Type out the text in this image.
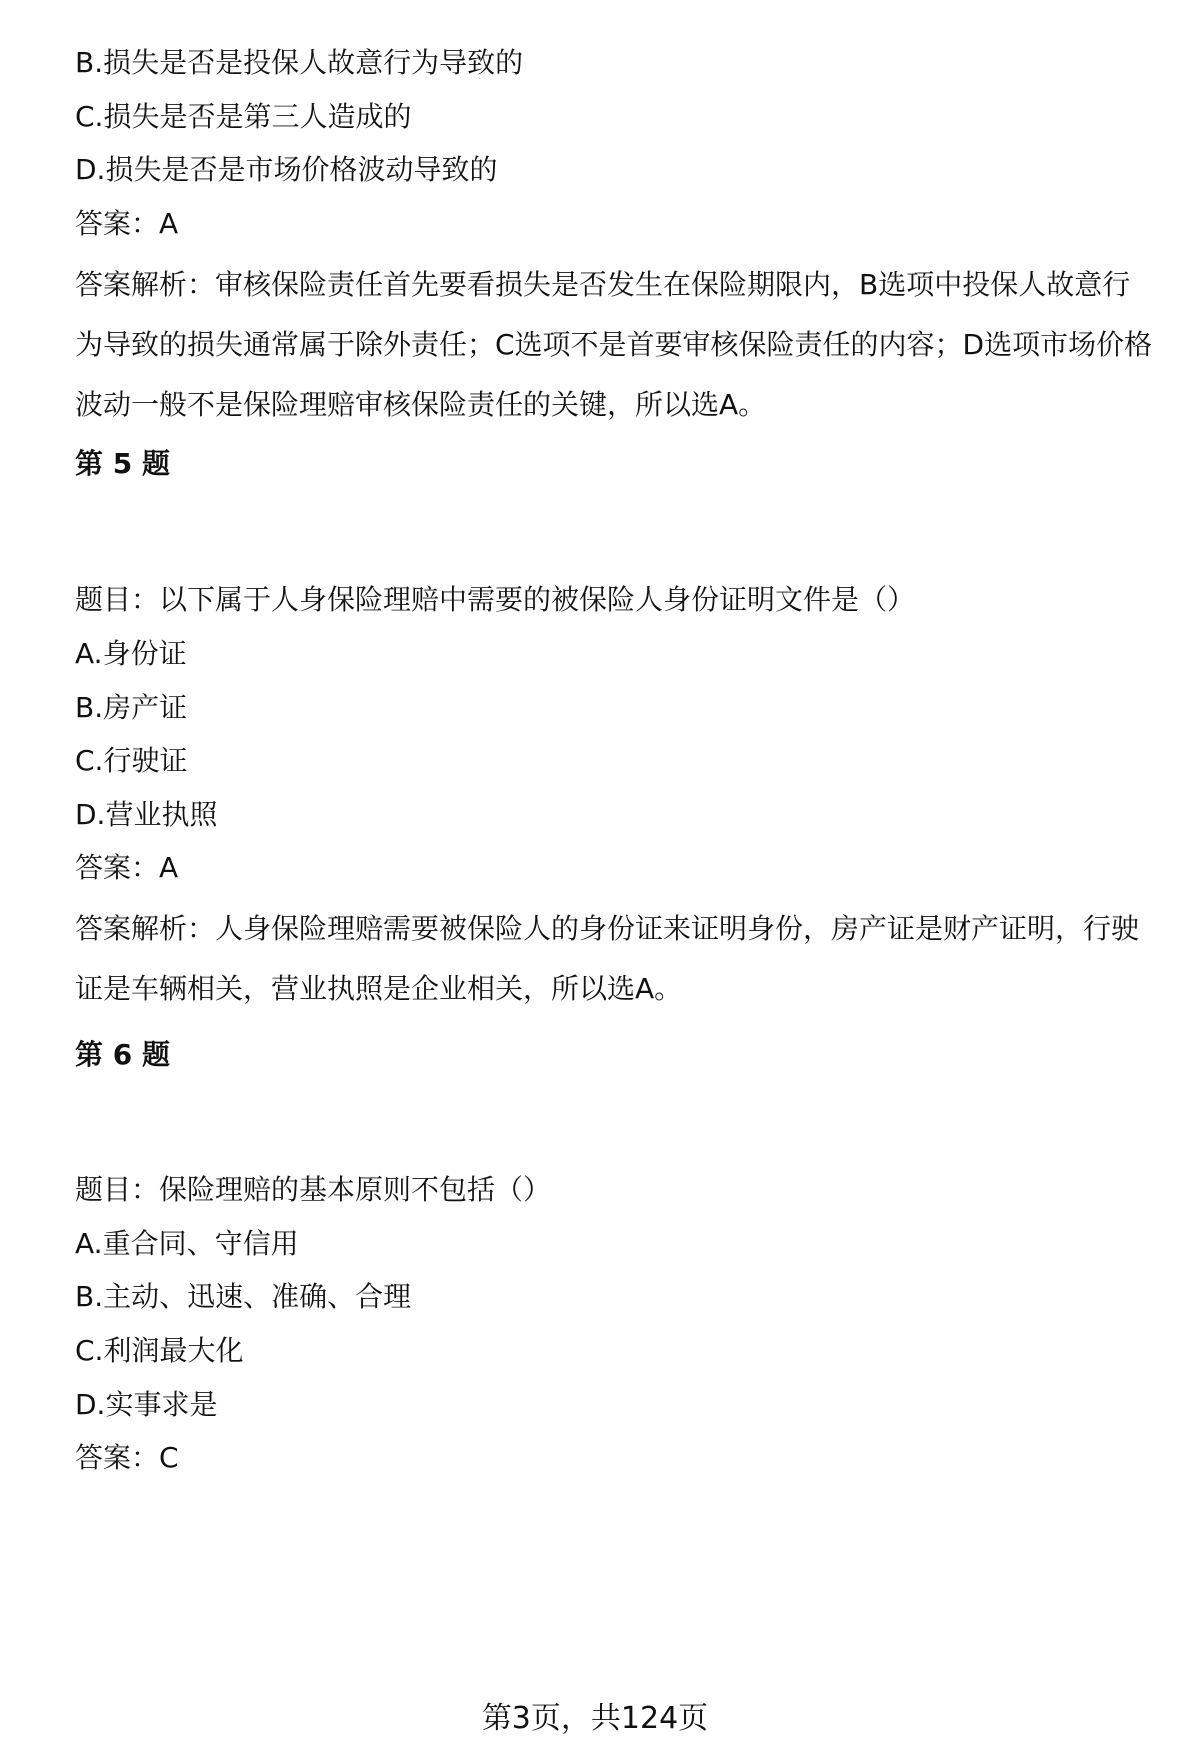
B.损失是否是投保人故意行为导致的
C.损失是否是第三人造成的
D.损失是否是市场价格波动导致的
答案：A
答案解析：审核保险责任首先要看损失是否发生在保险期限内，B选项中投保人故意行为导致的损失通常属于除外责任；C选项不是首要审核保险责任的内容；D选项市场价格波动一般不是保险理赔审核保险责任的关键，所以选A。
第 5 题
题目：以下属于人身保险理赔中需要的被保险人身份证明文件是（）
A.身份证
B.房产证
C.行驶证
D.营业执照
答案：A
答案解析：人身保险理赔需要被保险人的身份证来证明身份，房产证是财产证明，行驶证是车辆相关，营业执照是企业相关，所以选A。
第 6 题
题目：保险理赔的基本原则不包括（）
A.重合同、守信用
B.主动、迅速、准确、合理
C.利润最大化
D.实事求是
答案：C
第3页，共124页
